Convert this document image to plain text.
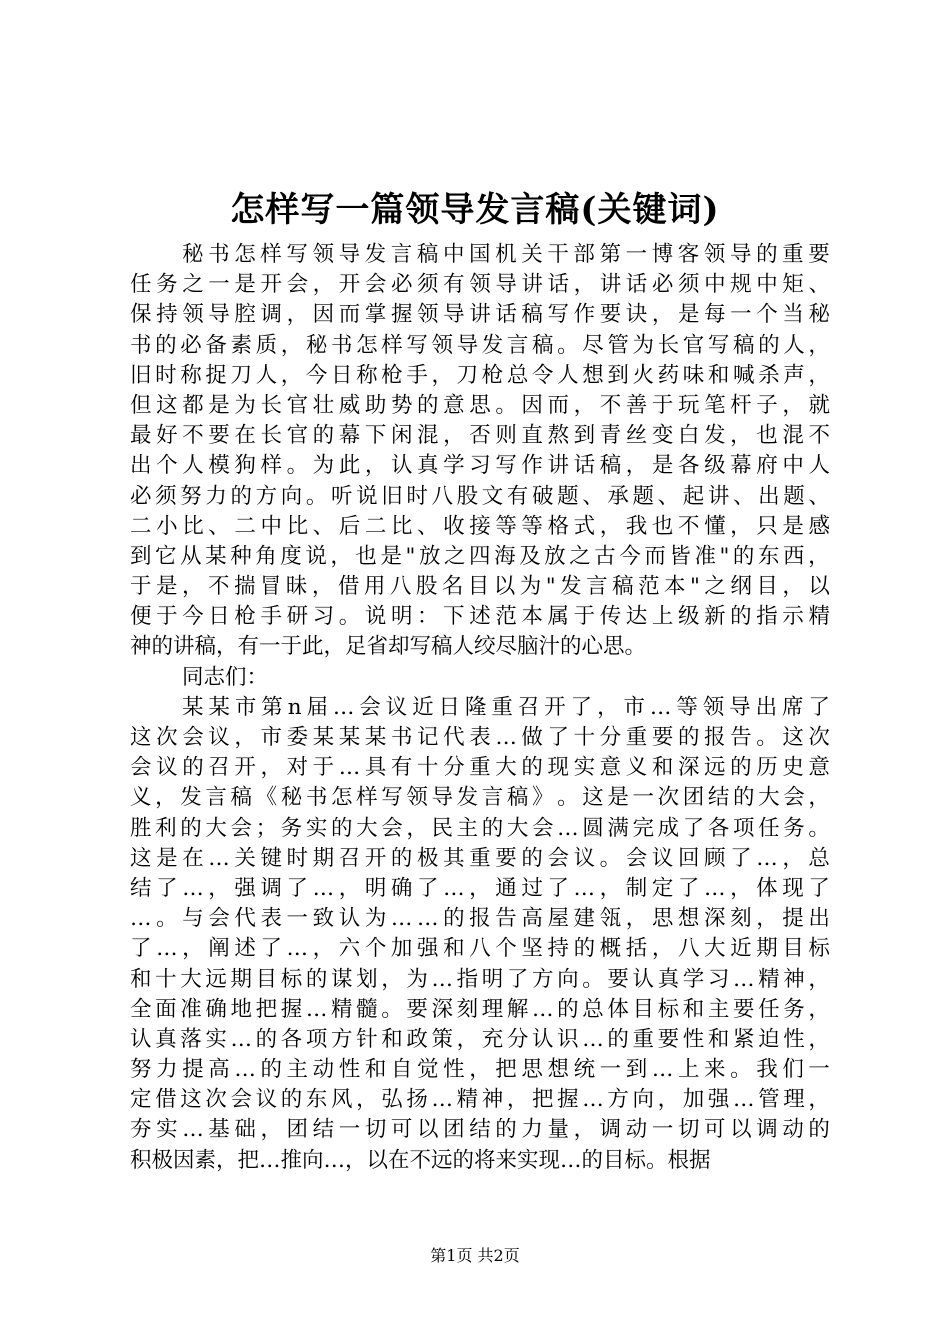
怎样写一篇领导发言稿(关键词)
秘 书 怎 样 写 领 导 发 言 稿 中 国 机 关 干 部 第 一 博 客 领 导 的 重 要
任 务 之 一 是 开 会 ， 开 会 必 须 有 领 导 讲 话 ， 讲 话 必 须 中 规 中 矩 、
保 持 领 导 腔 调 ， 因 而 掌 握 领 导 讲 话 稿 写 作 要 诀 ， 是 每 一 个 当 秘
书 的 必 备 素 质 ， 秘 书 怎 样 写 领 导 发 言 稿 。 尽 管 为 长 官 写 稿 的 人 ，
旧 时 称 捉 刀 人 ， 今 日 称 枪 手 ， 刀 枪 总 令 人 想 到 火 药 味 和 喊 杀 声 ，
但 这 都 是 为 长 官 壮 威 助 势 的 意 思 。 因 而 ， 不 善 于 玩 笔 杆 子 ， 就
最 好 不 要 在 长 官 的 幕 下 闲 混 ， 否 则 直 熬 到 青 丝 变 白 发 ， 也 混 不
出 个 人 模 狗 样 。 为 此 ， 认 真 学 习 写 作 讲 话 稿 ， 是 各 级 幕 府 中 人
必 须 努 力 的 方 向 。 听 说 旧 时 八 股 文 有 破 题 、 承 题 、 起 讲 、 出 题 、
二 小 比 、 二 中 比 、 后 二 比 、 收 接 等 等 格 式 ， 我 也 不 懂 ， 只 是 感
到 它 从 某 种 角 度 说 ， 也 是 " 放 之 四 海 及 放 之 古 今 而 皆 准 " 的 东 西 ，
于 是 ， 不 揣 冒 昧 ， 借 用 八 股 名 目 以 为 " 发 言 稿 范 本 " 之 纲 目 ， 以
便 于 今 日 枪 手 研 习 。 说 明 ： 下 述 范 本 属 于 传 达 上 级 新 的 指 示 精
神的讲稿，有一于此，足省却写稿人绞尽脑汁的心思。
同志们：
某 某 市 第 n 届 … 会 议 近 日 隆 重 召 开 了 ， 市 … 等 领 导 出 席 了
这 次 会 议 ， 市 委 某 某 某 书 记 代 表 … 做 了 十 分 重 要 的 报 告 。 这 次
会 议 的 召 开 ， 对 于 … 具 有 十 分 重 大 的 现 实 意 义 和 深 远 的 历 史 意
义 ， 发 言 稿 《 秘 书 怎 样 写 领 导 发 言 稿 》 。 这 是 一 次 团 结 的 大 会 ，
胜 利 的 大 会 ； 务 实 的 大 会 ， 民 主 的 大 会 … 圆 满 完 成 了 各 项 任 务 。
这 是 在 … 关 键 时 期 召 开 的 极 其 重 要 的 会 议 。 会 议 回 顾 了 … ， 总
结 了 … ， 强 调 了 … ， 明 确 了 … ， 通 过 了 … ， 制 定 了 … ， 体 现 了
… 。 与 会 代 表 一 致 认 为 … … 的 报 告 高 屋 建 瓴 ， 思 想 深 刻 ， 提 出
了 … ， 阐 述 了 … ， 六 个 加 强 和 八 个 坚 持 的 概 括 ， 八 大 近 期 目 标
和 十 大 远 期 目 标 的 谋 划 ， 为 … 指 明 了 方 向 。 要 认 真 学 习 … 精 神 ，
全 面 准 确 地 把 握 … 精 髓 。 要 深 刻 理 解 … 的 总 体 目 标 和 主 要 任 务 ，
认 真 落 实 … 的 各 项 方 针 和 政 策 ， 充 分 认 识 … 的 重 要 性 和 紧 迫 性 ，
努 力 提 高 … 的 主 动 性 和 自 觉 性 ， 把 思 想 统 一 到 … 上 来 。 我 们 一
定 借 这 次 会 议 的 东 风 ， 弘 扬 … 精 神 ， 把 握 … 方 向 ， 加 强 … 管 理 ，
夯 实 … 基 础 ， 团 结 一 切 可 以 团 结 的 力 量 ， 调 动 一 切 可 以 调 动 的
积极因素，把…推向…，以在不远的将来实现…的目标。根据
第1页 共2页
